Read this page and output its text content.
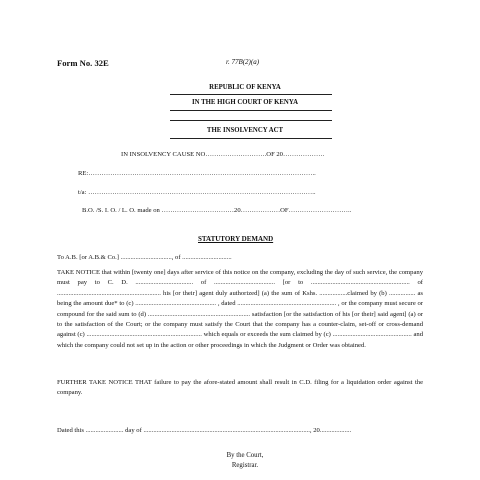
Form No. 32E	r. 77B(2)(a)
REPUBLIC OF KENYA
IN THE HIGH COURT OF KENYA
THE INSOLVENCY ACT
IN INSOLVENCY CAUSE NO……………………….OF 20……………….
RE:…………………………………………………………………………………………..
t/a: …………………………………………………………………………………………..
B.O. /S. I. O. / L. O. made on ……………………………20………………OF………………………..
STATUTORY DEMAND
To A.B. [or A.B.& Co.] ..............................., of ..............................
TAKE NOTICE that within [twenty one] days after service of this notice on the company, excluding the day of such service, the company must pay to C. D. ................................... of ..................................... [or to ............................................................ of ............................................................... his [or their] agent duly authorized] (a) the sum of Kshs. .................claimed by (b) ................ as being the amount due* to (c) ................................................. , dated ............................................................ , or the company must secure or compound for the said sum to (d) .............................................................. satisfaction [or the satisfaction of his [or their] said agent] (a) or to the satisfaction of the Court; or the company must satisfy the Court that the company has a counter-claim, set-off or cross-demand against (c) ...................................................................... which equals or exceeds the sum claimed by (c) ................................................ and which the company could not set up in the action or other proceedings in which the Judgment or Order was obtained.
FURTHER TAKE NOTICE THAT failure to pay the afore-stated amount shall result in C.D. filing for a liquidation order against the company.
Dated this ....................... day of ....................................................................................................., 20...................
By the Court,
Registrar.
